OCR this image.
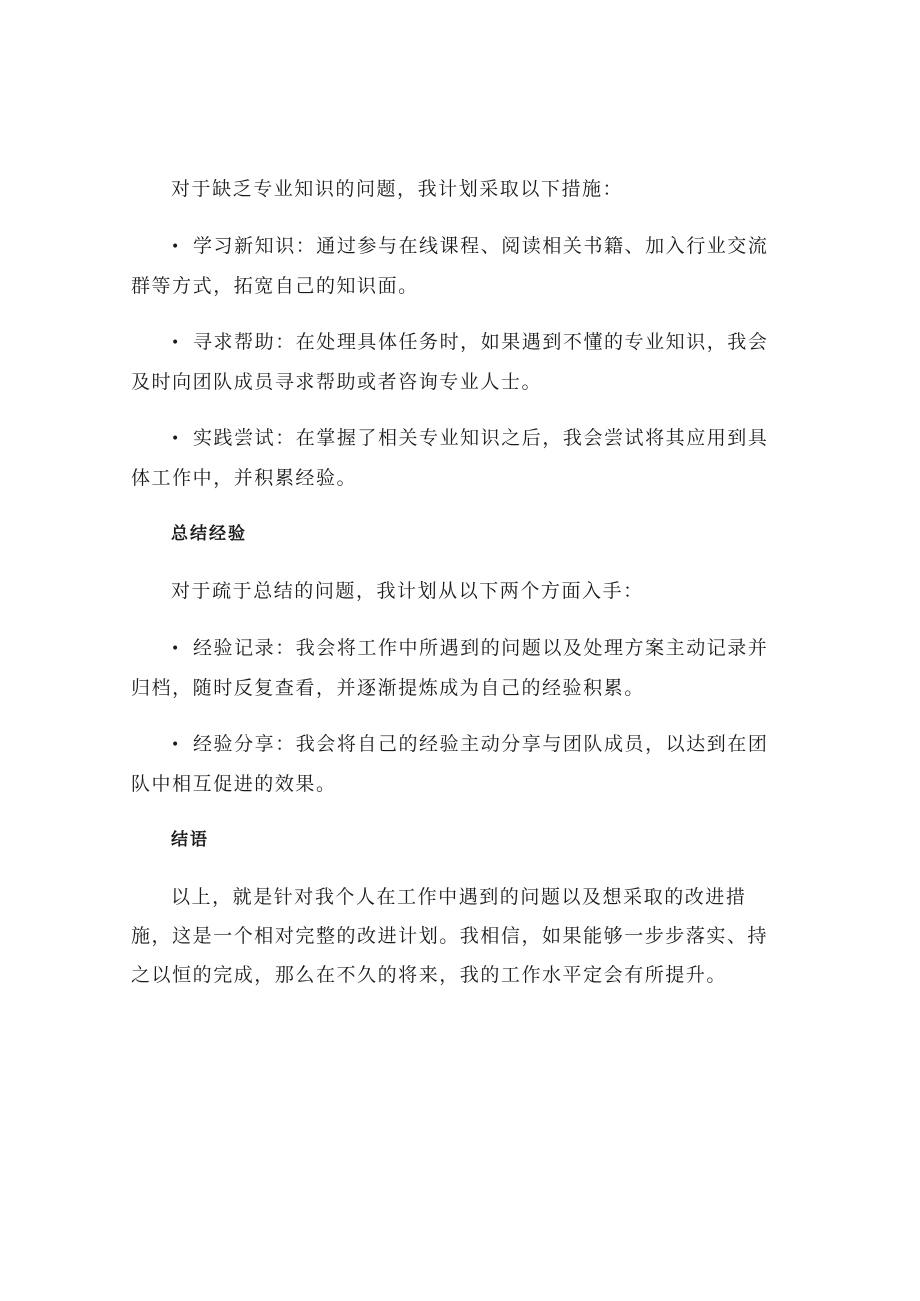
对于缺乏专业知识的问题，我计划采取以下措施：

• 学习新知识：通过参与在线课程、阅读相关书籍、加入行业交流群等方式，拓宽自己的知识面。

• 寻求帮助：在处理具体任务时，如果遇到不懂的专业知识，我会及时向团队成员寻求帮助或者咨询专业人士。

• 实践尝试：在掌握了相关专业知识之后，我会尝试将其应用到具体工作中，并积累经验。

总结经验

对于疏于总结的问题，我计划从以下两个方面入手：

• 经验记录：我会将工作中所遇到的问题以及处理方案主动记录并归档，随时反复查看，并逐渐提炼成为自己的经验积累。

• 经验分享：我会将自己的经验主动分享与团队成员，以达到在团队中相互促进的效果。

结语

以上，就是针对我个人在工作中遇到的问题以及想采取的改进措施，这是一个相对完整的改进计划。我相信，如果能够一步步落实、持之以恒的完成，那么在不久的将来，我的工作水平定会有所提升。
